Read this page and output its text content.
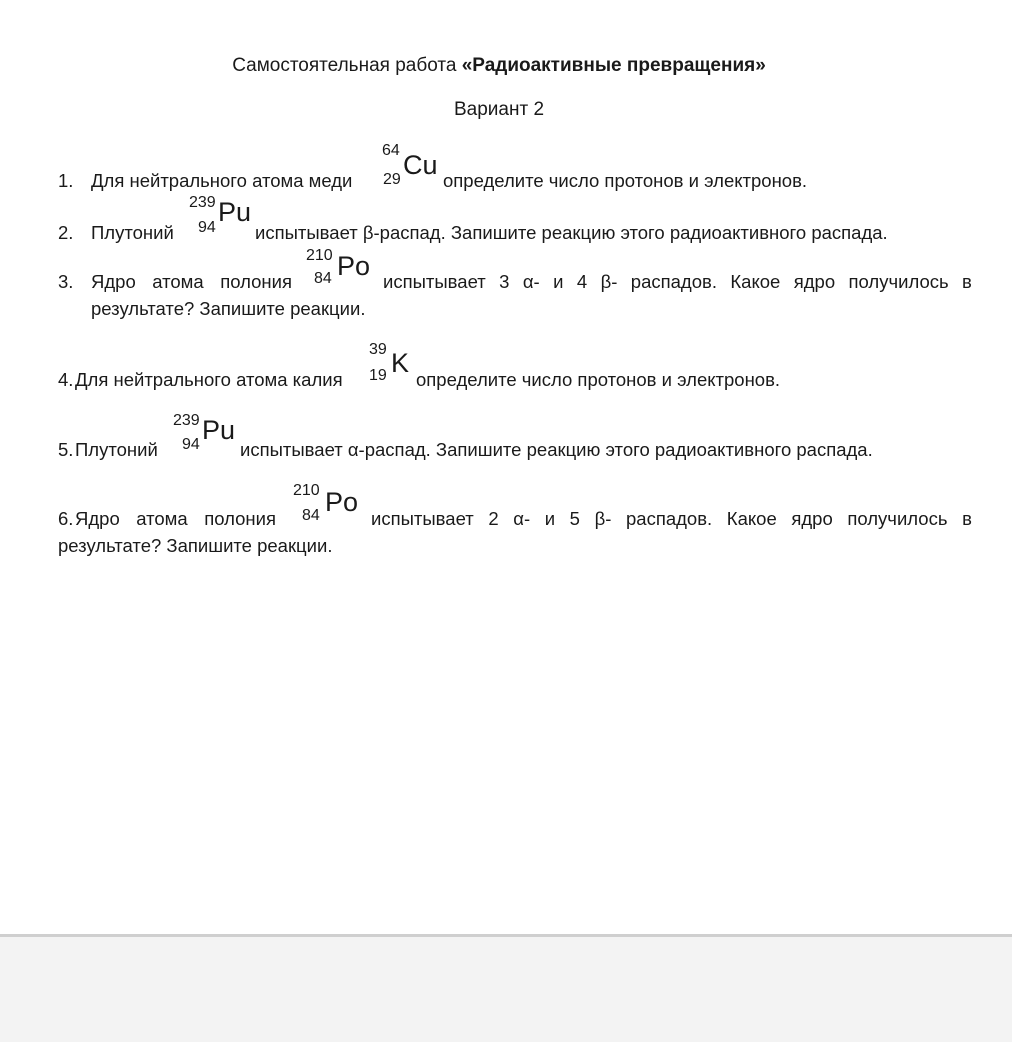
Самостоятельная работа «Радиоактивные превращения»
Вариант 2
1. Для нейтрального атома меди
64
29 Cu
определите число протонов и электронов.
2. Плутоний
239
94
Pu
испытывает β-распад. Запишите реакцию этого радиоактивного распада.
3. Ядро атома полония
210
84 Po
испытывает 3 α- и 4 β- распадов. Какое ядро получилось в
результате? Запишите реакции.
4. Для нейтрального атома калия
39
19 K
определите число протонов и электронов.
5. Плутоний
239
94 Pu
испытывает α-распад. Запишите реакцию этого радиоактивного распада.
6. Ядро атома полония
210
84 Po
испытывает 2 α- и 5 β- распадов. Какое ядро получилось в
результате? Запишите реакции.
